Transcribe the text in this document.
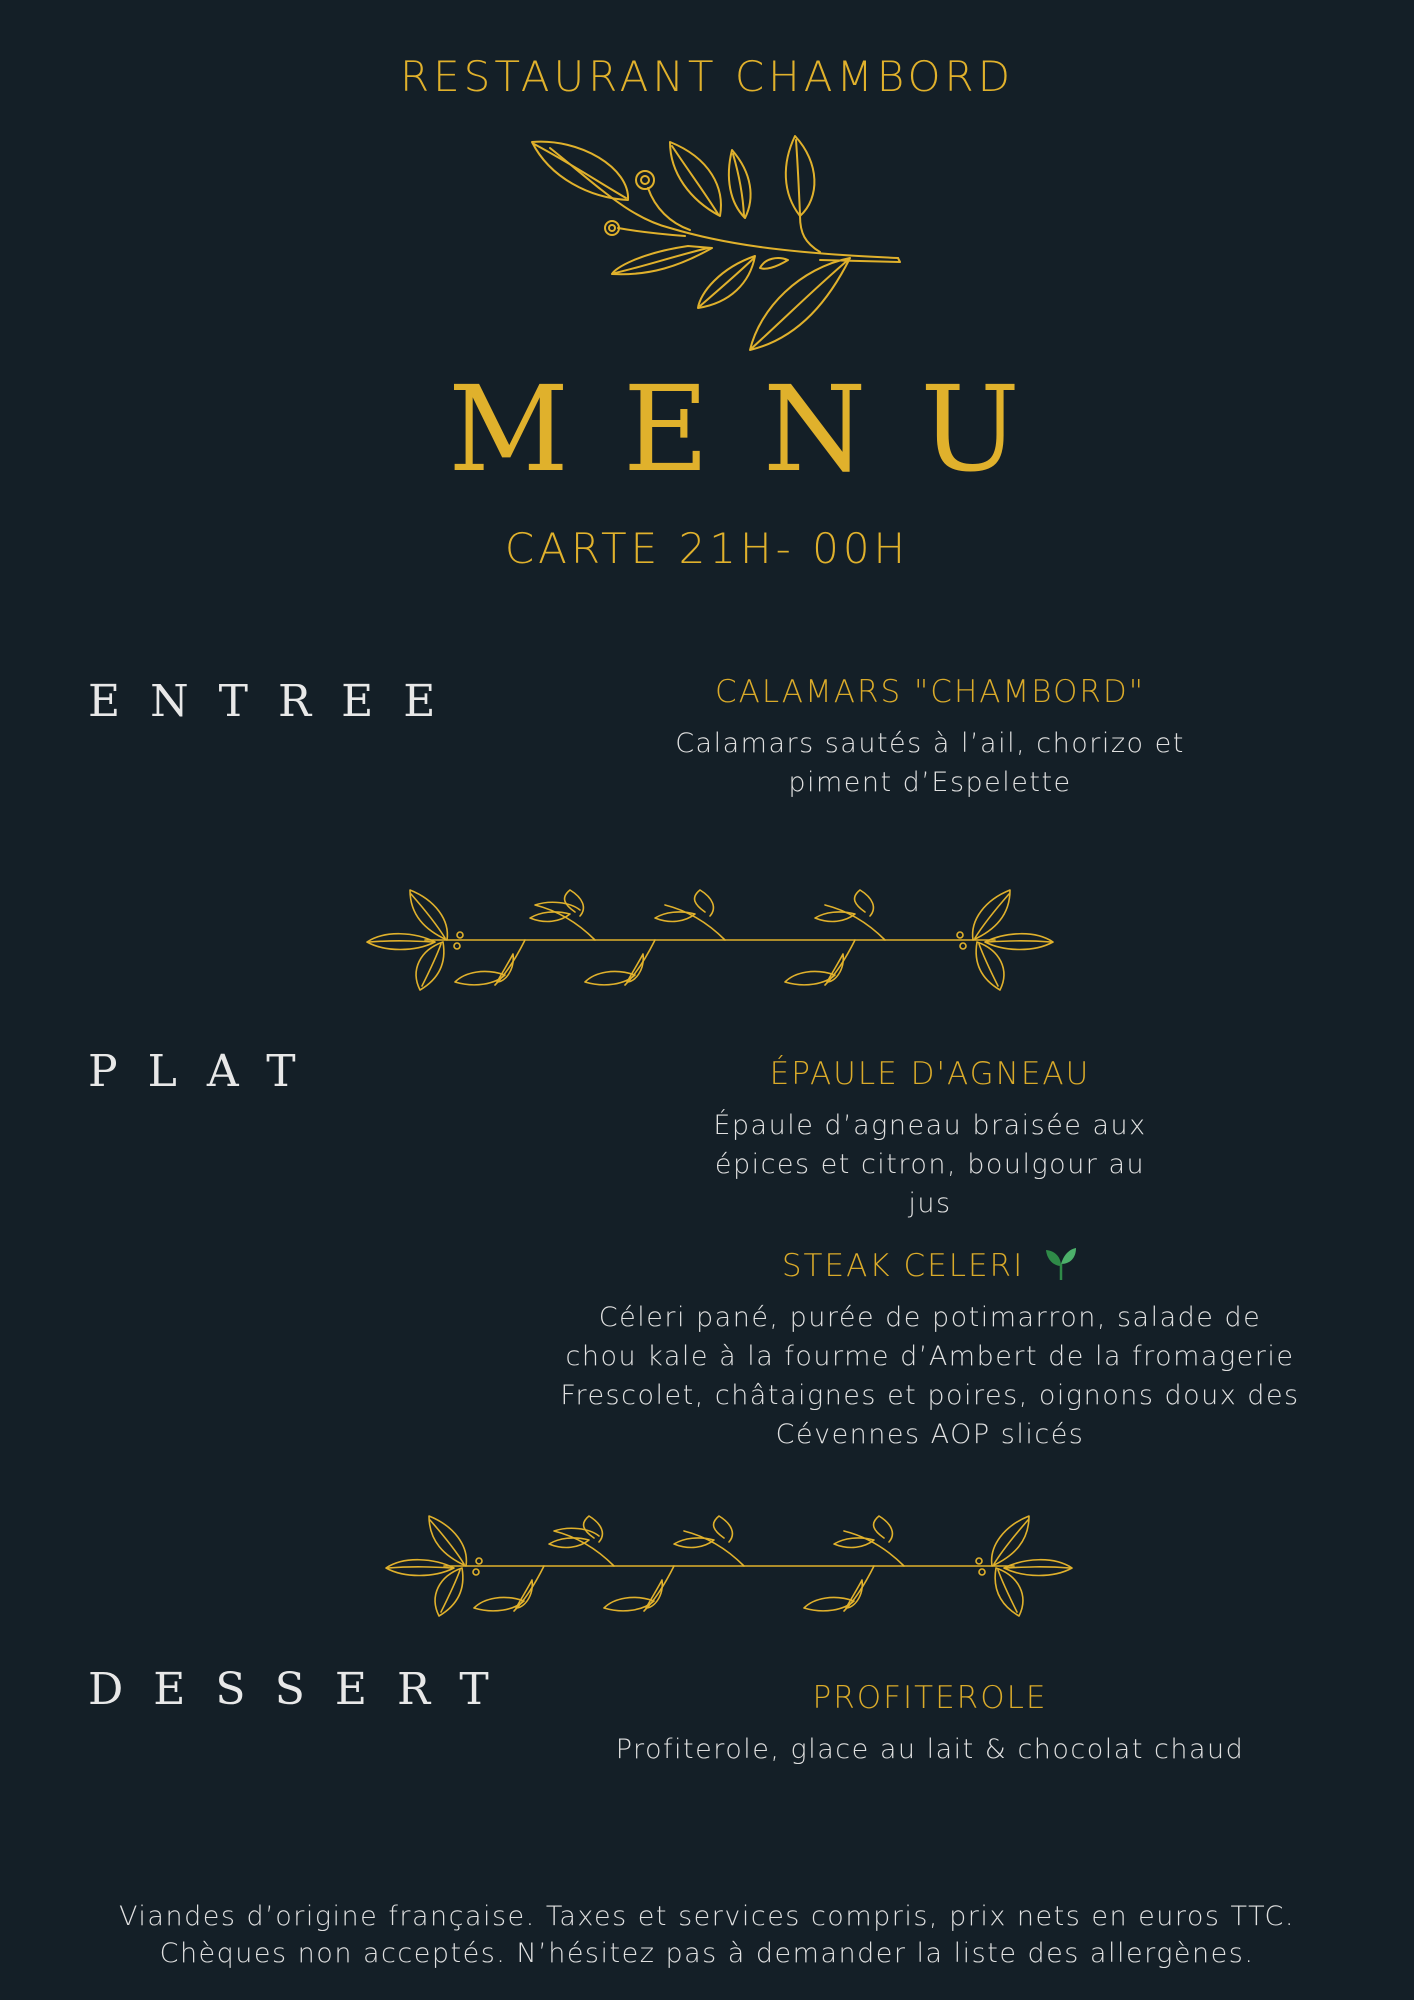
RESTAURANT CHAMBORD
MENU
CARTE 21H- 00H
ENTREE	CALAMARS "CHAMBORD"
Calamars sautés à l’ail, chorizo et piment d’Espelette
PLAT	ÉPAULE D'AGNEAU
Épaule d’agneau braisée aux épices et citron, boulgour au jus
STEAK CELERI
Céleri pané, purée de potimarron, salade de chou kale à la fourme d’Ambert de la fromagerie Frescolet, châtaignes et poires, oignons doux des Cévennes AOP slicés
DESSERT	PROFITEROLE
Profiterole, glace au lait & chocolat chaud
Viandes d’origine française. Taxes et services compris, prix nets en euros TTC.
Chèques non acceptés. N’hésitez pas à demander la liste des allergènes.
